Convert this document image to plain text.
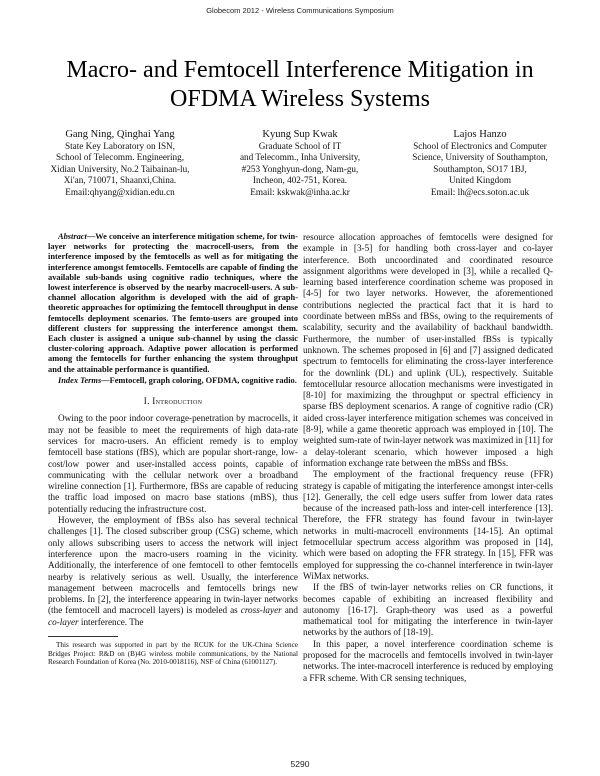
Globecom 2012 - Wireless Communications Symposium
Macro- and Femtocell Interference Mitigation in
OFDMA Wireless Systems
Gang Ning, Qinghai Yang
State Key Laboratory on ISN,
School of Telecomm. Engineering,
Xidian University, No.2 Taibainan-lu,
Xi'an, 710071, Shaanxi,China.
Email:qhyang@xidian.edu.cn
Kyung Sup Kwak
Graduate School of IT
and Telecomm., Inha University,
#253 Yonghyun-dong, Nam-gu,
Incheon, 402-751, Korea.
Email: kskwak@inha.ac.kr
Lajos Hanzo
School of Electronics and Computer
Science, University of Southampton,
Southampton, SO17 1BJ,
United Kingdom
Email: lh@ecs.soton.ac.uk

Abstract—We conceive an interference mitigation scheme, for twin-layer networks for protecting the macrocell-users, from the interference imposed by the femtocells as well as for mitigating the interference amongst femtocells. Femtocells are capable of finding the available sub-bands using cognitive radio techniques, where the lowest interference is observed by the nearby macrocell-users. A sub-channel allocation algorithm is developed with the aid of graph-theoretic approaches for optimizing the femtocell throughput in dense femtocells deployment scenarios. The femto-users are grouped into different clusters for suppressing the interference amongst them. Each cluster is assigned a unique sub-channel by using the classic cluster-coloring approach. Adaptive power allocation is performed among the femtocells for further enhancing the system throughput and the attainable performance is quantified.

Index Terms—Femtocell, graph coloring, OFDMA, cognitive radio.

I. Introduction

Owing to the poor indoor coverage-penetration by macrocells, it may not be feasible to meet the requirements of high data-rate services for macro-users. An efficient remedy is to employ femtocell base stations (fBS), which are popular short-range, low-cost/low power and user-installed access points, capable of communicating with the cellular network over a broadband wireline connection [1]. Furthermore, fBSs are capable of reducing the traffic load imposed on macro base stations (mBS), thus potentially reducing the infrastructure cost.

However, the employment of fBSs also has several technical challenges [1]. The closed subscriber group (CSG) scheme, which only allows subscribing users to access the network will inject interference upon the macro-users roaming in the vicinity. Additionally, the interference of one femtocell to other femtocells nearby is relatively serious as well. Usually, the interference management between macrocells and femtocells brings new problems. In [2], the interference appearing in twin-layer networks (the femtocell and macrocell layers) is modeled as cross-layer and co-layer interference. The

This research was supported in part by the RCUK for the UK-China Science Bridges Project: R&D on (B)4G wireless mobile communications, by the National Research Foundation of Korea (No. 2010-0018116), NSF of China (61001127).

resource allocation approaches of femtocells were designed for example in [3-5] for handling both cross-layer and co-layer interference. Both uncoordinated and coordinated resource assignment algorithms were developed in [3], while a recalled Q-learning based interference coordination scheme was proposed in [4-5] for two layer networks. However, the aforementioned contributions neglected the practical fact that it is hard to coordinate between mBSs and fBSs, owing to the requirements of scalability, security and the availability of backhaul bandwidth. Furthermore, the number of user-installed fBSs is typically unknown. The schemes proposed in [6] and [7] assigned dedicated spectrum to femtocells for eliminating the cross-layer interference for the downlink (DL) and uplink (UL), respectively. Suitable femtocellular resource allocation mechanisms were investigated in [8-10] for maximizing the throughput or spectral efficiency in sparse fBS deployment scenarios. A range of cognitive radio (CR) aided cross-layer interference mitigation schemes was conceived in [8-9], while a game theoretic approach was employed in [10]. The weighted sum-rate of twin-layer network was maximized in [11] for a delay-tolerant scenario, which however imposed a high information exchange rate between the mBSs and fBSs.

The employment of the fractional frequency reuse (FFR) strategy is capable of mitigating the interference amongst inter-cells [12]. Generally, the cell edge users suffer from lower data rates because of the increased path-loss and inter-cell interference [13]. Therefore, the FFR strategy has found favour in twin-layer networks in multi-macrocell environments [14-15]. An optimal fetmocellular spectrum access algorithm was proposed in [14], which were based on adopting the FFR strategy. In [15], FFR was employed for suppressing the co-channel interference in twin-layer WiMax networks.

If the fBS of twin-layer networks relies on CR functions, it becomes capable of exhibiting an increased flexibility and autonomy [16-17]. Graph-theory was used as a powerful mathematical tool for mitigating the interference in twin-layer networks by the authors of [18-19].

In this paper, a novel interference coordination scheme is proposed for the macrocells and femtocells involved in twin-layer networks. The inter-macrocell interference is reduced by employing a FFR scheme. With CR sensing techniques,

5290
